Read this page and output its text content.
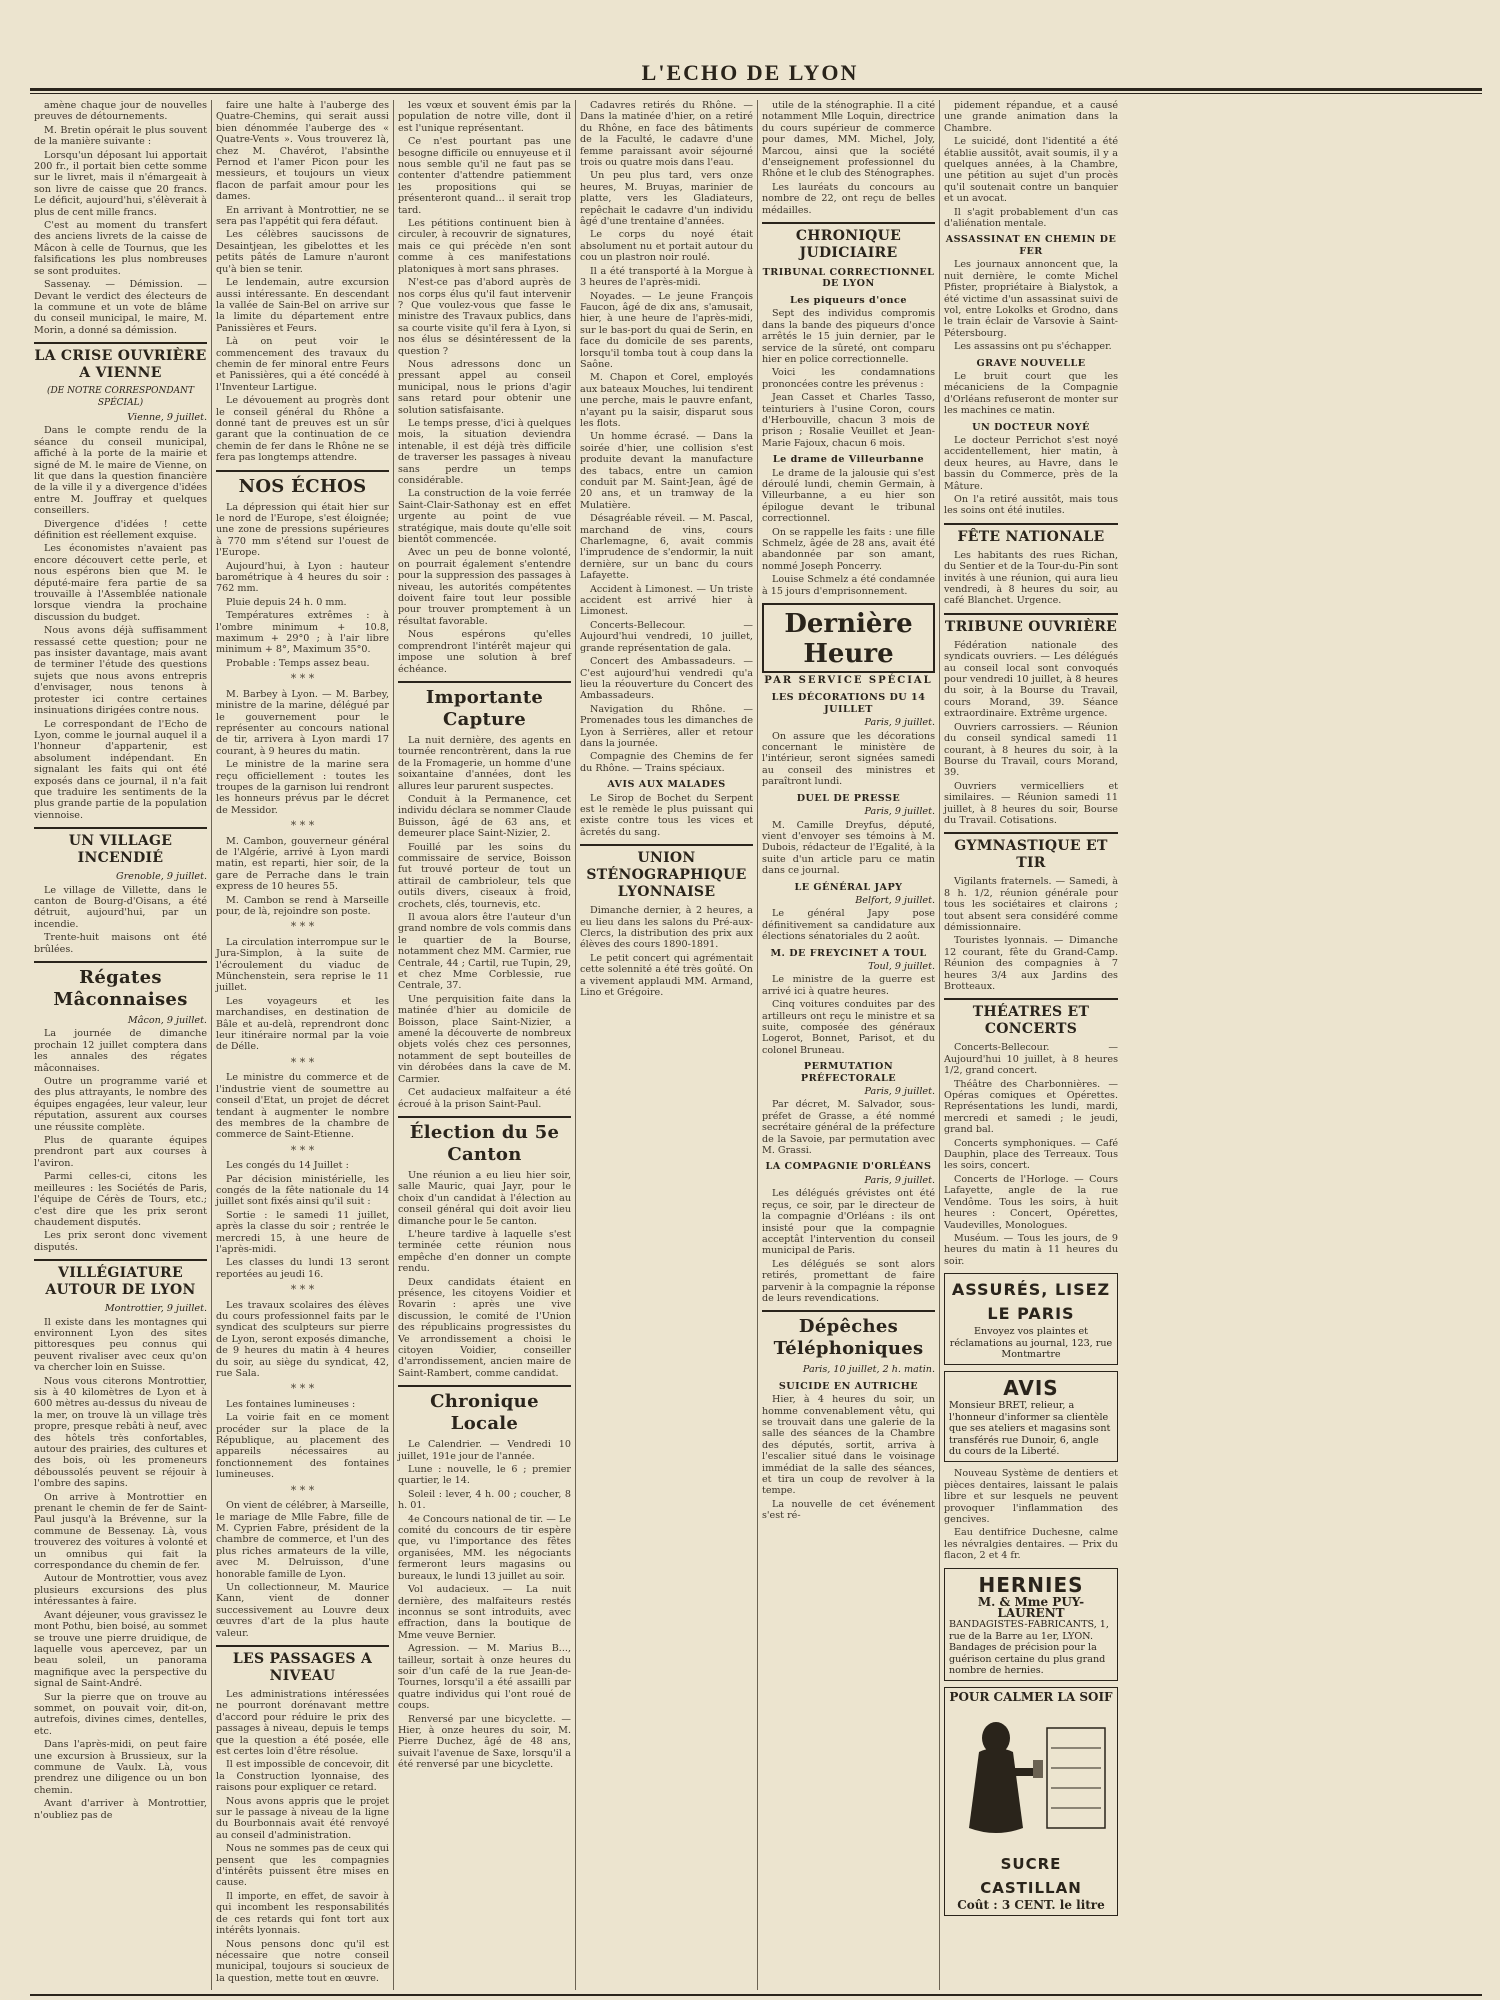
L'ECHO DE LYON

amène chaque jour de nouvelles preuves de détournements.

M. Bretin opérait le plus souvent de la manière suivante :

Lorsqu'un déposant lui apportait 200 fr., il portait bien cette somme sur le livret, mais il n'émargeait à son livre de caisse que 20 francs. Le déficit, aujourd'hui, s'élèverait à plus de cent mille francs.

C'est au moment du transfert des anciens livrets de la caisse de Mâcon à celle de Tournus, que les falsifications les plus nombreuses se sont produites.

Sassenay. — Démission. — Devant le verdict des électeurs de la commune et un vote de blâme du conseil municipal, le maire, M. Morin, a donné sa démission.

LA CRISE OUVRIÈRE A VIENNE
(DE NOTRE CORRESPONDANT SPÉCIAL)
Vienne, 9 juillet.

Dans le compte rendu de la séance du conseil municipal, affiché à la porte de la mairie et signé de M. le maire de Vienne, on lit que dans la question financière de la ville il y a divergence d'idées entre M. Jouffray et quelques conseillers.

Divergence d'idées ! cette définition est réellement exquise.

Les économistes n'avaient pas encore découvert cette perle, et nous espérons bien que M. le député-maire fera partie de sa trouvaille à l'Assemblée nationale lorsque viendra la prochaine discussion du budget.

Nous avons déjà suffisamment ressassé cette question; pour ne pas insister davantage, mais avant de terminer l'étude des questions sujets que nous avons entrepris d'envisager, nous tenons à protester ici contre certaines insinuations dirigées contre nous.

Le correspondant de l'Echo de Lyon, comme le journal auquel il a l'honneur d'appartenir, est absolument indépendant. En signalant les faits qui ont été exposés dans ce journal, il n'a fait que traduire les sentiments de la plus grande partie de la population viennoise.

UN VILLAGE INCENDIÉ
Grenoble, 9 juillet.

Le village de Villette, dans le canton de Bourg-d'Oisans, a été détruit, aujourd'hui, par un incendie.

Trente-huit maisons ont été brûlées.

Régates Mâconnaises
Mâcon, 9 juillet.

La journée de dimanche prochain 12 juillet comptera dans les annales des régates mâconnaises.

Outre un programme varié et des plus attrayants, le nombre des équipes engagées, leur valeur, leur réputation, assurent aux courses une réussite complète.

Plus de quarante équipes prendront part aux courses à l'aviron.

Parmi celles-ci, citons les meilleures : les Sociétés de Paris, l'équipe de Cérès de Tours, etc.; c'est dire que les prix seront chaudement disputés.

Les prix seront donc vivement disputés.

VILLÉGIATURE AUTOUR DE LYON
Montrottier, 9 juillet.

Il existe dans les montagnes qui environnent Lyon des sites pittoresques peu connus qui peuvent rivaliser avec ceux qu'on va chercher loin en Suisse.

Nous vous citerons Montrottier, sis à 40 kilomètres de Lyon et à 600 mètres au-dessus du niveau de la mer, on trouve là un village très propre, presque rebâti à neuf, avec des hôtels très confortables, autour des prairies, des cultures et des bois, où les promeneurs déboussolés peuvent se réjouir à l'ombre des sapins.

On arrive à Montrottier en prenant le chemin de fer de Saint-Paul jusqu'à la Brévenne, sur la commune de Bessenay. Là, vous trouverez des voitures à volonté et un omnibus qui fait la correspondance du chemin de fer.

Autour de Montrottier, vous avez plusieurs excursions des plus intéressantes à faire.

Avant déjeuner, vous gravissez le mont Pothu, bien boisé, au sommet se trouve une pierre druidique, de laquelle vous apercevez, par un beau soleil, un panorama magnifique avec la perspective du signal de Saint-André.

Sur la pierre que on trouve au sommet, on pouvait voir, dit-on, autrefois, divines cimes, dentelles, etc.

Dans l'après-midi, on peut faire une excursion à Brussieux, sur la commune de Vaulx. Là, vous prendrez une diligence ou un bon chemin.

Avant d'arriver à Montrottier, n'oubliez pas de

faire une halte à l'auberge des Quatre-Chemins, qui serait aussi bien dénommée l'auberge des « Quatre-Vents ». Vous trouverez là, chez M. Chavérot, l'absinthe Pernod et l'amer Picon pour les messieurs, et toujours un vieux flacon de parfait amour pour les dames.

En arrivant à Montrottier, ne se sera pas l'appétit qui fera défaut.

Les célèbres saucissons de Desaintjean, les gibelottes et les petits pâtés de Lamure n'auront qu'à bien se tenir.

Le lendemain, autre excursion aussi intéressante. En descendant la vallée de Sain-Bel on arrive sur la limite du département entre Panissières et Feurs.

Là on peut voir le commencement des travaux du chemin de fer minoral entre Feurs et Panissières, qui a été concédé à l'Inventeur Lartigue.

Le dévouement au progrès dont le conseil général du Rhône a donné tant de preuves est un sûr garant que la continuation de ce chemin de fer dans le Rhône ne se fera pas longtemps attendre.

NOS ÉCHOS

La dépression qui était hier sur le nord de l'Europe, s'est éloignée; une zone de pressions supérieures à 770 mm s'étend sur l'ouest de l'Europe.

Aujourd'hui, à Lyon : hauteur barométrique à 4 heures du soir : 762 mm.

Pluie depuis 24 h. 0 mm.

Températures extrêmes : à l'ombre minimum + 10.8, maximum + 29°0 ; à l'air libre minimum + 8°, Maximum 35°0.

Probable : Temps assez beau.

* * *

M. Barbey à Lyon. — M. Barbey, ministre de la marine, délégué par le gouvernement pour le représenter au concours national de tir, arrivera à Lyon mardi 17 courant, à 9 heures du matin.

Le ministre de la marine sera reçu officiellement : toutes les troupes de la garnison lui rendront les honneurs prévus par le décret de Messidor.

* * *

M. Cambon, gouverneur général de l'Algérie, arrivé à Lyon mardi matin, est reparti, hier soir, de la gare de Perrache dans le train express de 10 heures 55.

M. Cambon se rend à Marseille pour, de là, rejoindre son poste.

* * *

La circulation interrompue sur le Jura-Simplon, à la suite de l'écroulement du viaduc de Münchenstein, sera reprise le 11 juillet.

Les voyageurs et les marchandises, en destination de Bâle et au-delà, reprendront donc leur itinéraire normal par la voie de Délle.

* * *

Le ministre du commerce et de l'industrie vient de soumettre au conseil d'Etat, un projet de décret tendant à augmenter le nombre des membres de la chambre de commerce de Saint-Etienne.

* * *

Les congés du 14 Juillet :

Par décision ministérielle, les congés de la fête nationale du 14 juillet sont fixés ainsi qu'il suit :

Sortie : le samedi 11 juillet, après la classe du soir ; rentrée le mercredi 15, à une heure de l'après-midi.

Les classes du lundi 13 seront reportées au jeudi 16.

* * *

Les travaux scolaires des élèves du cours professionnel faits par le syndicat des sculpteurs sur pierre de Lyon, seront exposés dimanche, de 9 heures du matin à 4 heures du soir, au siège du syndicat, 42, rue Sala.

* * *

Les fontaines lumineuses :

La voirie fait en ce moment procéder sur la place de la République, au placement des appareils nécessaires au fonctionnement des fontaines lumineuses.

* * *

On vient de célébrer, à Marseille, le mariage de Mlle Fabre, fille de M. Cyprien Fabre, président de la chambre de commerce, et l'un des plus riches armateurs de la ville, avec M. Delruisson, d'une honorable famille de Lyon.

Un collectionneur, M. Maurice Kann, vient de donner successivement au Louvre deux œuvres d'art de la plus haute valeur.

LES PASSAGES A NIVEAU

Les administrations intéressées ne pourront dorénavant mettre d'accord pour réduire le prix des passages à niveau, depuis le temps que la question a été posée, elle est certes loin d'être résolue.

Il est impossible de concevoir, dit la Construction lyonnaise, des raisons pour expliquer ce retard.

Nous avons appris que le projet sur le passage à niveau de la ligne du Bourbonnais avait été renvoyé au conseil d'administration.

Nous ne sommes pas de ceux qui pensent que les compagnies d'intérêts puissent être mises en cause.

Il importe, en effet, de savoir à qui incombent les responsabilités de ces retards qui font tort aux intérêts lyonnais.

Nous pensons donc qu'il est nécessaire que notre conseil municipal, toujours si soucieux de la question, mette tout en œuvre.

les vœux et souvent émis par la population de notre ville, dont il est l'unique représentant.

Ce n'est pourtant pas une besogne difficile ou ennuyeuse et il nous semble qu'il ne faut pas se contenter d'attendre patiemment les propositions qui se présenteront quand... il serait trop tard.

Les pétitions continuent bien à circuler, à recouvrir de signatures, mais ce qui précède n'en sont comme à ces manifestations platoniques à mort sans phrases.

N'est-ce pas d'abord auprès de nos corps élus qu'il faut intervenir ? Que voulez-vous que fasse le ministre des Travaux publics, dans sa courte visite qu'il fera à Lyon, si nos élus se désintéressent de la question ?

Nous adressons donc un pressant appel au conseil municipal, nous le prions d'agir sans retard pour obtenir une solution satisfaisante.

Le temps presse, d'ici à quelques mois, la situation deviendra intenable, il est déjà très difficile de traverser les passages à niveau sans perdre un temps considérable.

La construction de la voie ferrée Saint-Clair-Sathonay est en effet urgente au point de vue stratégique, mais doute qu'elle soit bientôt commencée.

Avec un peu de bonne volonté, on pourrait également s'entendre pour la suppression des passages à niveau, les autorités compétentes doivent faire tout leur possible pour trouver promptement à un résultat favorable.

Nous espérons qu'elles comprendront l'intérêt majeur qui impose une solution à bref échéance.

Importante Capture

La nuit dernière, des agents en tournée rencontrèrent, dans la rue de la Fromagerie, un homme d'une soixantaine d'années, dont les allures leur parurent suspectes.

Conduit à la Permanence, cet individu déclara se nommer Claude Buisson, âgé de 63 ans, et demeurer place Saint-Nizier, 2.

Fouillé par les soins du commissaire de service, Boisson fut trouvé porteur de tout un attirail de cambrioleur, tels que outils divers, ciseaux à froid, crochets, clés, tournevis, etc.

Il avoua alors être l'auteur d'un grand nombre de vols commis dans le quartier de la Bourse, notamment chez MM. Carmier, rue Centrale, 44 ; Cartil, rue Tupin, 29, et chez Mme Corblessie, rue Centrale, 37.

Une perquisition faite dans la matinée d'hier au domicile de Boisson, place Saint-Nizier, a amené la découverte de nombreux objets volés chez ces personnes, notamment de sept bouteilles de vin dérobées dans la cave de M. Carmier.

Cet audacieux malfaiteur a été écroué à la prison Saint-Paul.

Élection du 5e Canton

Une réunion a eu lieu hier soir, salle Mauric, quai Jayr, pour le choix d'un candidat à l'élection au conseil général qui doit avoir lieu dimanche pour le 5e canton.

L'heure tardive à laquelle s'est terminée cette réunion nous empêche d'en donner un compte rendu.

Deux candidats étaient en présence, les citoyens Voidier et Rovarin : après une vive discussion, le comité de l'Union des républicains progressistes du Ve arrondissement a choisi le citoyen Voidier, conseiller d'arrondissement, ancien maire de Saint-Rambert, comme candidat.

Chronique Locale

Le Calendrier. — Vendredi 10 juillet, 191e jour de l'année.

Lune : nouvelle, le 6 ; premier quartier, le 14.

Soleil : lever, 4 h. 00 ; coucher, 8 h. 01.

4e Concours national de tir. — Le comité du concours de tir espère que, vu l'importance des fêtes organisées, MM. les négociants fermeront leurs magasins ou bureaux, le lundi 13 juillet au soir.

Vol audacieux. — La nuit dernière, des malfaiteurs restés inconnus se sont introduits, avec effraction, dans la boutique de Mme veuve Bernier.

Agression. — M. Marius B..., tailleur, sortait à onze heures du soir d'un café de la rue Jean-de-Tournes, lorsqu'il a été assailli par quatre individus qui l'ont roué de coups.

Renversé par une bicyclette. — Hier, à onze heures du soir, M. Pierre Duchez, âgé de 48 ans, suivait l'avenue de Saxe, lorsqu'il a été renversé par une bicyclette.

Cadavres retirés du Rhône. — Dans la matinée d'hier, on a retiré du Rhône, en face des bâtiments de la Faculté, le cadavre d'une femme paraissant avoir séjourné trois ou quatre mois dans l'eau.

Un peu plus tard, vers onze heures, M. Bruyas, marinier de platte, vers les Gladiateurs, repêchait le cadavre d'un individu âgé d'une trentaine d'années.

Le corps du noyé était absolument nu et portait autour du cou un plastron noir roulé.

Il a été transporté à la Morgue à 3 heures de l'après-midi.

Noyades. — Le jeune François Faucon, âgé de dix ans, s'amusait, hier, à une heure de l'après-midi, sur le bas-port du quai de Serin, en face du domicile de ses parents, lorsqu'il tomba tout à coup dans la Saône.

M. Chapon et Corel, employés aux bateaux Mouches, lui tendirent une perche, mais le pauvre enfant, n'ayant pu la saisir, disparut sous les flots.

Un homme écrasé. — Dans la soirée d'hier, une collision s'est produite devant la manufacture des tabacs, entre un camion conduit par M. Saint-Jean, âgé de 20 ans, et un tramway de la Mulatière.

Désagréable réveil. — M. Pascal, marchand de vins, cours Charlemagne, 6, avait commis l'imprudence de s'endormir, la nuit dernière, sur un banc du cours Lafayette.

Accident à Limonest. — Un triste accident est arrivé hier à Limonest.

Concerts-Bellecour. — Aujourd'hui vendredi, 10 juillet, grande représentation de gala.

Concert des Ambassadeurs. — C'est aujourd'hui vendredi qu'a lieu la réouverture du Concert des Ambassadeurs.

Navigation du Rhône. — Promenades tous les dimanches de Lyon à Serrières, aller et retour dans la journée.

Compagnie des Chemins de fer du Rhône. — Trains spéciaux.

AVIS AUX MALADES

Le Sirop de Bochet du Serpent est le remède le plus puissant qui existe contre tous les vices et âcretés du sang.

UNION STÉNOGRAPHIQUE LYONNAISE

Dimanche dernier, à 2 heures, a eu lieu dans les salons du Pré-aux-Clercs, la distribution des prix aux élèves des cours 1890-1891.

Le petit concert qui agrémentait cette solennité a été très goûté. On a vivement applaudi MM. Armand, Lino et Grégoire.

utile de la sténographie. Il a cité notamment Mlle Loquin, directrice du cours supérieur de commerce pour dames, MM. Michel, Joly, Marcou, ainsi que la société d'enseignement professionnel du Rhône et le club des Sténographes.

Les lauréats du concours au nombre de 22, ont reçu de belles médailles.

CHRONIQUE JUDICIAIRE
TRIBUNAL CORRECTIONNEL DE LYON
Les piqueurs d'once

Sept des individus compromis dans la bande des piqueurs d'once arrêtés le 15 juin dernier, par le service de la sûreté, ont comparu hier en police correctionnelle.

Voici les condamnations prononcées contre les prévenus :

Jean Casset et Charles Tasso, teinturiers à l'usine Coron, cours d'Herbouville, chacun 3 mois de prison ; Rosalie Veuillet et Jean-Marie Fajoux, chacun 6 mois.

Le drame de Villeurbanne

Le drame de la jalousie qui s'est déroulé lundi, chemin Germain, à Villeurbanne, a eu hier son épilogue devant le tribunal correctionnel.

On se rappelle les faits : une fille Schmelz, âgée de 28 ans, avait été abandonnée par son amant, nommé Joseph Poncerry.

Louise Schmelz a été condamnée à 15 jours d'emprisonnement.

Dernière Heure
PAR SERVICE SPÉCIAL
LES DÉCORATIONS DU 14 JUILLET
Paris, 9 juillet.

On assure que les décorations concernant le ministère de l'intérieur, seront signées samedi au conseil des ministres et paraîtront lundi.

DUEL DE PRESSE
Paris, 9 juillet.

M. Camille Dreyfus, député, vient d'envoyer ses témoins à M. Dubois, rédacteur de l'Egalité, à la suite d'un article paru ce matin dans ce journal.

LE GÉNÉRAL JAPY
Belfort, 9 juillet.

Le général Japy pose définitivement sa candidature aux élections sénatoriales du 2 août.

M. DE FREYCINET A TOUL
Toul, 9 juillet.

Le ministre de la guerre est arrivé ici à quatre heures.

Cinq voitures conduites par des artilleurs ont reçu le ministre et sa suite, composée des généraux Logerot, Bonnet, Parisot, et du colonel Bruneau.

PERMUTATION PRÉFECTORALE
Paris, 9 juillet.

Par décret, M. Salvador, sous-préfet de Grasse, a été nommé secrétaire général de la préfecture de la Savoie, par permutation avec M. Grassi.

LA COMPAGNIE D'ORLÉANS
Paris, 9 juillet.

Les délégués grévistes ont été reçus, ce soir, par le directeur de la compagnie d'Orléans : ils ont insisté pour que la compagnie acceptât l'intervention du conseil municipal de Paris.

Les délégués se sont alors retirés, promettant de faire parvenir à la compagnie la réponse de leurs revendications.

Dépêches Téléphoniques
Paris, 10 juillet, 2 h. matin.
SUICIDE EN AUTRICHE

Hier, à 4 heures du soir, un homme convenablement vêtu, qui se trouvait dans une galerie de la salle des séances de la Chambre des députés, sortit, arriva à l'escalier situé dans le voisinage immédiat de la salle des séances, et tira un coup de revolver à la tempe.

La nouvelle de cet événement s'est ré-

pidement répandue, et a causé une grande animation dans la Chambre.

Le suicidé, dont l'identité a été établie aussitôt, avait soumis, il y a quelques années, à la Chambre, une pétition au sujet d'un procès qu'il soutenait contre un banquier et un avocat.

Il s'agit probablement d'un cas d'aliénation mentale.

ASSASSINAT EN CHEMIN DE FER

Les journaux annoncent que, la nuit dernière, le comte Michel Pfister, propriétaire à Bialystok, a été victime d'un assassinat suivi de vol, entre Lokolks et Grodno, dans le train éclair de Varsovie à Saint-Pétersbourg.

Les assassins ont pu s'échapper.

GRAVE NOUVELLE

Le bruit court que les mécaniciens de la Compagnie d'Orléans refuseront de monter sur les machines ce matin.

UN DOCTEUR NOYÉ

Le docteur Perrichot s'est noyé accidentellement, hier matin, à deux heures, au Havre, dans le bassin du Commerce, près de la Mâture.

On l'a retiré aussitôt, mais tous les soins ont été inutiles.

FÊTE NATIONALE

Les habitants des rues Richan, du Sentier et de la Tour-du-Pin sont invités à une réunion, qui aura lieu vendredi, à 8 heures du soir, au café Blanchet. Urgence.

TRIBUNE OUVRIÈRE

Fédération nationale des syndicats ouvriers. — Les délégués au conseil local sont convoqués pour vendredi 10 juillet, à 8 heures du soir, à la Bourse du Travail, cours Morand, 39. Séance extraordinaire. Extrême urgence.

Ouvriers carrossiers. — Réunion du conseil syndical samedi 11 courant, à 8 heures du soir, à la Bourse du Travail, cours Morand, 39.

Ouvriers vermicelliers et similaires. — Réunion samedi 11 juillet, à 8 heures du soir, Bourse du Travail. Cotisations.

GYMNASTIQUE ET TIR

Vigilants fraternels. — Samedi, à 8 h. 1/2, réunion générale pour tous les sociétaires et clairons ; tout absent sera considéré comme démissionnaire.

Touristes lyonnais. — Dimanche 12 courant, fête du Grand-Camp. Réunion des compagnies à 7 heures 3/4 aux Jardins des Brotteaux.

THÉATRES ET CONCERTS

Concerts-Bellecour. — Aujourd'hui 10 juillet, à 8 heures 1/2, grand concert.

Théâtre des Charbonnières. — Opéras comiques et Opérettes. Représentations les lundi, mardi, mercredi et samedi ; le jeudi, grand bal.

Concerts symphoniques. — Café Dauphin, place des Terreaux. Tous les soirs, concert.

Concerts de l'Horloge. — Cours Lafayette, angle de la rue Vendôme. Tous les soirs, à huit heures : Concert, Opérettes, Vaudevilles, Monologues.

Muséum. — Tous les jours, de 9 heures du matin à 11 heures du soir.

ASSURÉS, LISEZ LE PARIS
Envoyez vos plaintes et réclamations au journal, 123, rue Montmartre
AVIS
Monsieur BRET, relieur, a l'honneur d'informer sa clientèle que ses ateliers et magasins sont transférés rue Dunoir, 6, angle du cours de la Liberté.

Nouveau Système de dentiers et pièces dentaires, laissant le palais libre et sur lesquels ne peuvent provoquer l'inflammation des gencives.

Eau dentifrice Duchesne, calme les névralgies dentaires. — Prix du flacon, 2 et 4 fr.

HERNIES
M. & Mme PUY-LAURENT
BANDAGISTES-FABRICANTS, 1, rue de la Barre au 1er, LYON. Bandages de précision pour la guérison certaine du plus grand nombre de hernies.
POUR CALMER LA SOIF
SUCRE CASTILLAN
Coût : 3 CENT. le litre
